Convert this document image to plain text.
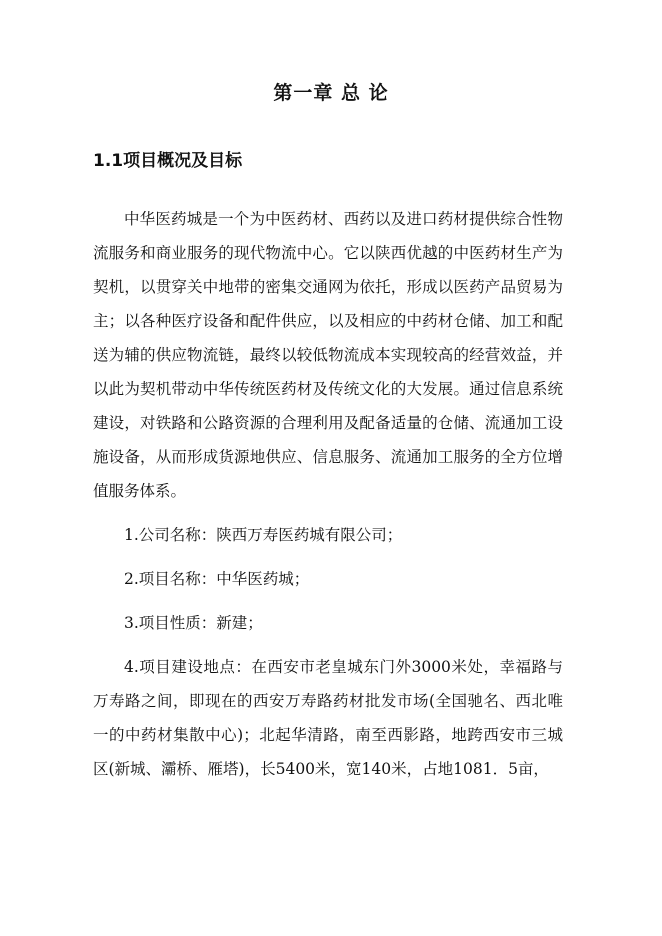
第一章 总 论
1.1项目概况及目标

中华医药城是一个为中医药材、西药以及进口药材提供综合性物流服务和商业服务的现代物流中心。它以陕西优越的中医药材生产为契机，以贯穿关中地带的密集交通网为依托，形成以医药产品贸易为主；以各种医疗设备和配件供应，以及相应的中药材仓储、加工和配送为辅的供应物流链，最终以较低物流成本实现较高的经营效益，并以此为契机带动中华传统医药材及传统文化的大发展。通过信息系统建设，对铁路和公路资源的合理利用及配备适量的仓储、流通加工设施设备，从而形成货源地供应、信息服务、流通加工服务的全方位增值服务体系。

1.公司名称：陕西万寿医药城有限公司；

2.项目名称：中华医药城；

3.项目性质：新建；

4.项目建设地点：在西安市老皇城东门外3000米处，幸福路与万寿路之间，即现在的西安万寿路药材批发市场(全国驰名、西北唯一的中药材集散中心)；北起华清路，南至西影路，地跨西安市三城区(新城、灞桥、雁塔)，长5400米，宽140米，占地1081．5亩，
